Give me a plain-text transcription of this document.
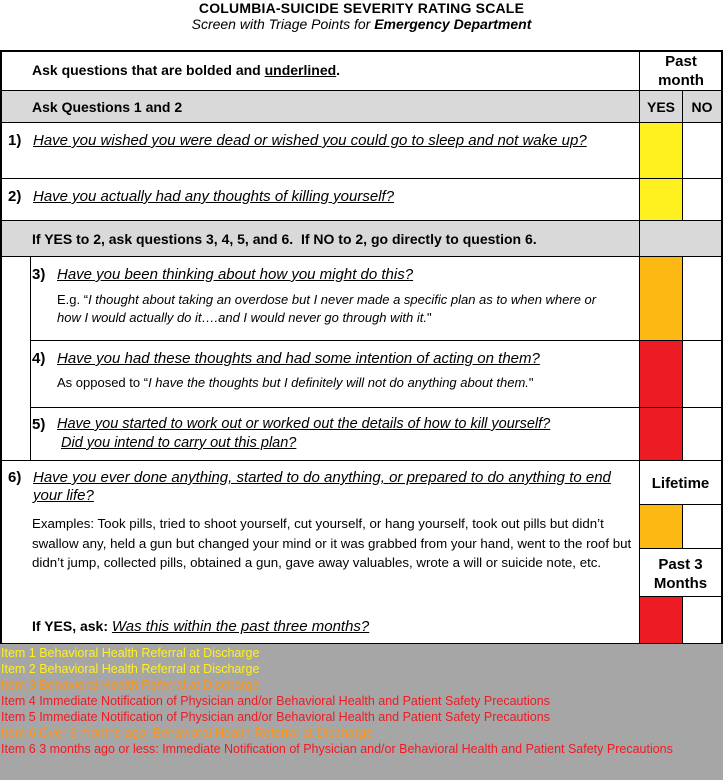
COLUMBIA-SUICIDE SEVERITY RATING SCALE
Screen with Triage Points for Emergency Department
Ask questions that are bolded and underlined.	Past month
Ask Questions 1 and 2	YES	NO
1) Have you wished you were dead or wished you could go to sleep and not wake up?
2) Have you actually had any thoughts of killing yourself?
If YES to 2, ask questions 3, 4, 5, and 6.  If NO to 2, go directly to question 6.
3) Have you been thinking about how you might do this?
E.g. “I thought about taking an overdose but I never made a specific plan as to when where or how I would actually do it….and I would never go through with it."
4) Have you had these thoughts and had some intention of acting on them?
As opposed to “I have the thoughts but I definitely will not do anything about them."
5) Have you started to work out or worked out the details of how to kill yourself?
Did you intend to carry out this plan?
6) Have you ever done anything, started to do anything, or prepared to do anything to end your life?
Examples: Took pills, tried to shoot yourself, cut yourself, or hang yourself, took out pills but didn’t swallow any, held a gun but changed your mind or it was grabbed from your hand, went to the roof but didn’t jump, collected pills, obtained a gun, gave away valuables, wrote a will or suicide note, etc.
If YES, ask: Was this within the past three months?
Lifetime
Past 3 Months
Item 1 Behavioral Health Referral at Discharge
Item 2 Behavioral Health Referral at Discharge
Item 3 Behavioral Health Referral at Discharge
Item 4 Immediate Notification of Physician and/or Behavioral Health and Patient Safety Precautions
Item 5 Immediate Notification of Physician and/or Behavioral Health and Patient Safety Precautions
Item 6 Over 3 months ago: Behavioral Health Referral at Discharge
Item 6 3 months ago or less: Immediate Notification of Physician and/or Behavioral Health and Patient Safety Precautions
